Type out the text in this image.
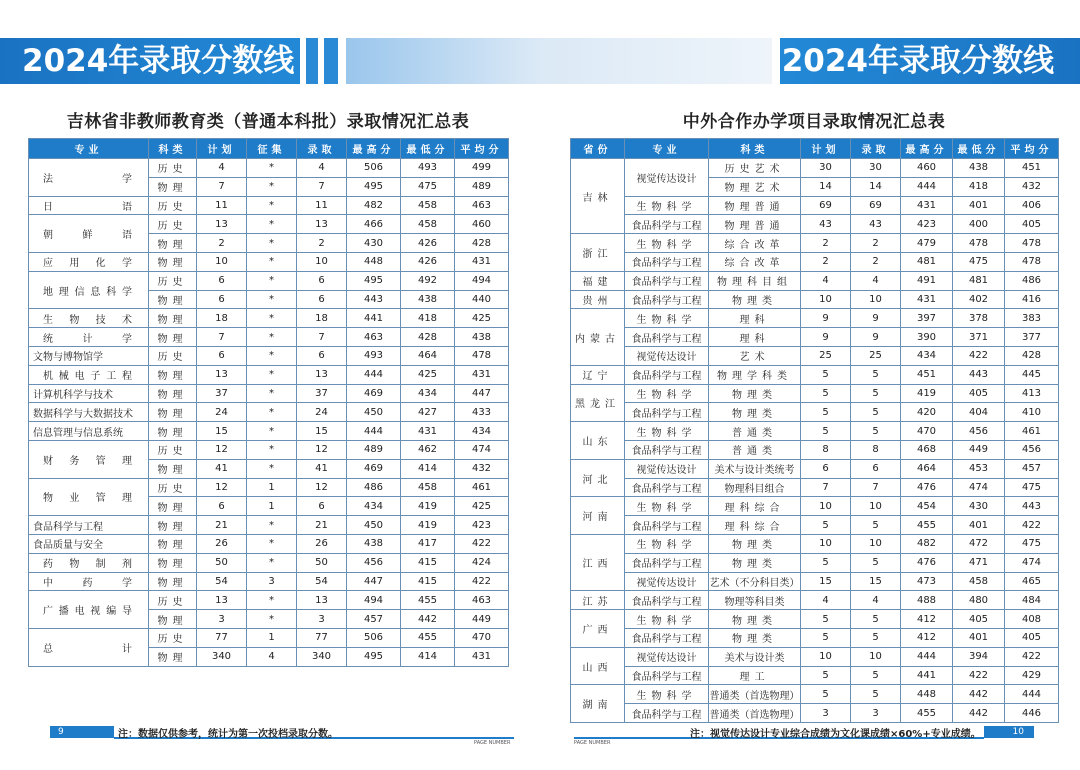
2024年录取分数线	2024年录取分数线
吉林省非教师教育类（普通本科批）录取情况汇总表	中外合作办学项目录取情况汇总表
专业	科类	计划	征集	录取	最高分	最低分	平均分
法学	历史	4	*	4	506	493	499
	物理	7	*	7	495	475	489
日语	历史	11	*	11	482	458	463
朝鲜语	历史	13	*	13	466	458	460
	物理	2	*	2	430	426	428
应用化学	物理	10	*	10	448	426	431
地理信息科学	历史	6	*	6	495	492	494
	物理	6	*	6	443	438	440
生物技术	物理	18	*	18	441	418	425
统计学	物理	7	*	7	463	428	438
文物与博物馆学	历史	6	*	6	493	464	478
机械电子工程	物理	13	*	13	444	425	431
计算机科学与技术	物理	37	*	37	469	434	447
数据科学与大数据技术	物理	24	*	24	450	427	433
信息管理与信息系统	物理	15	*	15	444	431	434
财务管理	历史	12	*	12	489	462	474
	物理	41	*	41	469	414	432
物业管理	历史	12	1	12	486	458	461
	物理	6	1	6	434	419	425
食品科学与工程	物理	21	*	21	450	419	423
食品质量与安全	物理	26	*	26	438	417	422
药物制剂	物理	50	*	50	456	415	424
中药学	物理	54	3	54	447	415	422
广播电视编导	历史	13	*	13	494	455	463
	物理	3	*	3	457	442	449
总计	历史	77	1	77	506	455	470
	物理	340	4	340	495	414	431
省份	专业	科类	计划	录取	最高分	最低分	平均分
吉林	视觉传达设计	历史艺术	30	30	460	438	451
		物理艺术	14	14	444	418	432
	生物科学	物理普通	69	69	431	401	406
	食品科学与工程	物理普通	43	43	423	400	405
浙江	生物科学	综合改革	2	2	479	478	478
	食品科学与工程	综合改革	2	2	481	475	478
福建	食品科学与工程	物理科目组	4	4	491	481	486
贵州	食品科学与工程	物理类	10	10	431	402	416
内蒙古	生物科学	理科	9	9	397	378	383
	食品科学与工程	理科	9	9	390	371	377
	视觉传达设计	艺术	25	25	434	422	428
辽宁	食品科学与工程	物理学科类	5	5	451	443	445
黑龙江	生物科学	物理类	5	5	419	405	413
	食品科学与工程	物理类	5	5	420	404	410
山东	生物科学	普通类	5	5	470	456	461
	食品科学与工程	普通类	8	8	468	449	456
河北	视觉传达设计	美术与设计类统考	6	6	464	453	457
	食品科学与工程	物理科目组合	7	7	476	474	475
河南	生物科学	理科综合	10	10	454	430	443
	食品科学与工程	理科综合	5	5	455	401	422
江西	生物科学	物理类	10	10	482	472	475
	食品科学与工程	物理类	5	5	476	471	474
	视觉传达设计	艺术（不分科目类）	15	15	473	458	465
江苏	食品科学与工程	物理等科目类	4	4	488	480	484
广西	生物科学	物理类	5	5	412	405	408
	食品科学与工程	物理类	5	5	412	401	405
山西	视觉传达设计	美术与设计类	10	10	444	394	422
	食品科学与工程	理工	5	5	441	422	429
湖南	生物科学	普通类（首选物理）	5	5	448	442	444
	食品科学与工程	普通类（首选物理）	3	3	455	442	446
9	注：数据仅供参考，统计为第一次投档录取分数。
PAGE NUMBER
10
注：视觉传达设计专业综合成绩为文化课成绩×60%+专业成绩。
PAGE NUMBER
